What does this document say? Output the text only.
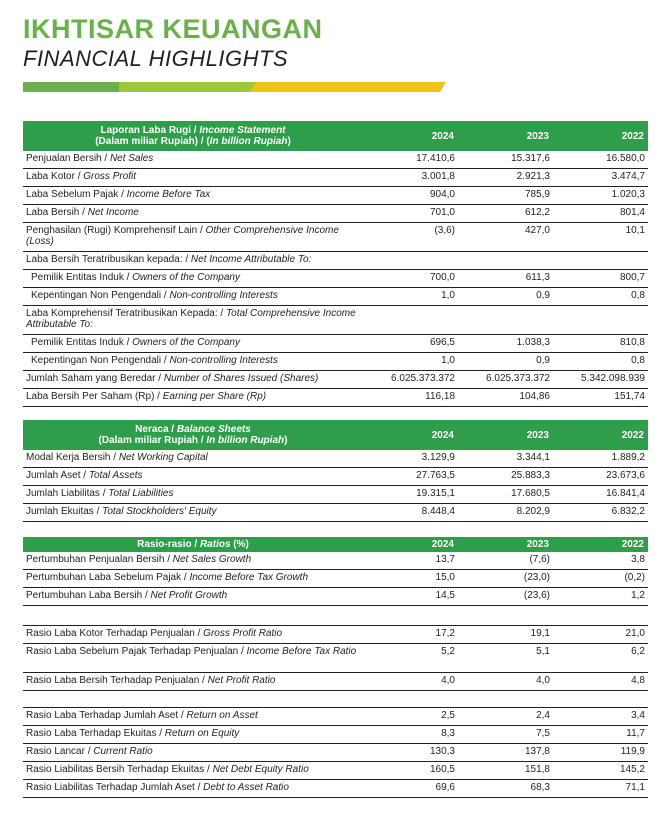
IKHTISAR KEUANGAN
FINANCIAL HIGHLIGHTS
Laporan Laba Rugi / Income Statement
(Dalam miliar Rupiah) / (In billion Rupiah)	2024	2023	2022
Penjualan Bersih / Net Sales	17.410,6	15.317,6	16.580,0
Laba Kotor / Gross Profit	3.001,8	2.921,3	3.474,7
Laba Sebelum Pajak / Income Before Tax	904,0	785,9	1.020,3
Laba Bersih / Net Income	701,0	612,2	801,4
Penghasilan (Rugi) Komprehensif Lain / Other Comprehensive Income (Loss)	(3,6)	427,0	10,1
Laba Bersih Teratribusikan kepada: / Net Income Attributable To:			
Pemilik Entitas Induk / Owners of the Company	700,0	611,3	800,7
Kepentingan Non Pengendali / Non-controlling Interests	1,0	0,9	0,8
Laba Komprehensif Teratribusikan Kepada: / Total Comprehensive Income Attributable To:			
Pemilik Entitas Induk / Owners of the Company	696,5	1.038,3	810,8
Kepentingan Non Pengendali / Non-controlling Interests	1,0	0,9	0,8
Jumlah Saham yang Beredar / Number of Shares Issued (Shares)	6.025.373.372	6.025.373.372	5.342.098.939
Laba Bersih Per Saham (Rp) / Earning per Share (Rp)	116,18	104,86	151,74
Neraca / Balance Sheets
(Dalam miliar Rupiah / In billion Rupiah)	2024	2023	2022
Modal Kerja Bersih / Net Working Capital	3.129,9	3.344,1	1.889,2
Jumlah Aset / Total Assets	27.763,5	25.883,3	23.673,6
Jumlah Liabilitas / Total Liabilities	19.315,1	17.680,5	16.841,4
Jumlah Ekuitas / Total Stockholders' Equity	8.448,4	8.202,9	6.832,2
Rasio-rasio / Ratios (%)	2024	2023	2022
Pertumbuhan Penjualan Bersih / Net Sales Growth	13,7	(7,6)	3,8
Pertumbuhan Laba Sebelum Pajak / Income Before Tax Growth	15,0	(23,0)	(0,2)
Pertumbuhan Laba Bersih / Net Profit Growth	14,5	(23,6)	1,2
Rasio Laba Kotor Terhadap Penjualan / Gross Profit Ratio	17,2	19,1	21,0
Rasio Laba Sebelum Pajak Terhadap Penjualan / Income Before Tax Ratio	5,2	5,1	6,2
Rasio Laba Bersih Terhadap Penjualan / Net Profit Ratio	4,0	4,0	4,8
Rasio Laba Terhadap Jumlah Aset / Return on Asset	2,5	2,4	3,4
Rasio Laba Terhadap Ekuitas / Return on Equity	8,3	7,5	11,7
Rasio Lancar / Current Ratio	130,3	137,8	119,9
Rasio Liabilitas Bersih Terhadap Ekuitas / Net Debt Equity Ratio	160,5	151,8	145,2
Rasio Liabilitas Terhadap Jumlah Aset / Debt to Asset Ratio	69,6	68,3	71,1
